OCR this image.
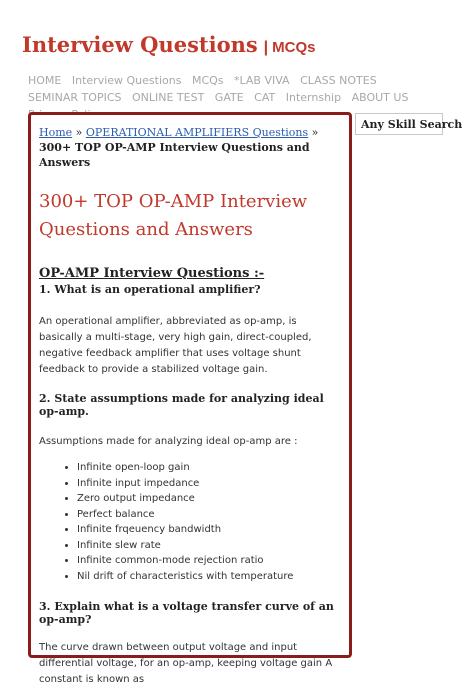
Interview Questions | MCQs
HOME Interview Questions MCQs *LAB VIVA CLASS NOTES SEMINAR TOPICS ONLINE TEST GATE CAT Internship ABOUT US
Home » OPERATIONAL AMPLIFIERS Questions » 300+ TOP OP-AMP Interview Questions and Answers
300+ TOP OP-AMP Interview Questions and Answers
OP-AMP Interview Questions :-
1. What is an operational amplifier?

An operational amplifier, abbreviated as op-amp, is basically a multi-stage, very high gain, direct-coupled, negative feedback amplifier that uses voltage shunt feedback to provide a stabilized voltage gain.

2. State assumptions made for analyzing ideal op-amp.

Assumptions made for analyzing ideal op-amp are :

• Infinite open-loop gain
• Infinite input impedance
• Zero output impedance
• Perfect balance
• Infinite frqeuency bandwidth
• Infinite slew rate
• Infinite common-mode rejection ratio
• Nil drift of characteristics with temperature
3. Explain what is a voltage transfer curve of an op-amp?

The curve drawn between output voltage and input differential voltage, for an op-amp, keeping voltage gain A constant is known as

Any Skill Search
